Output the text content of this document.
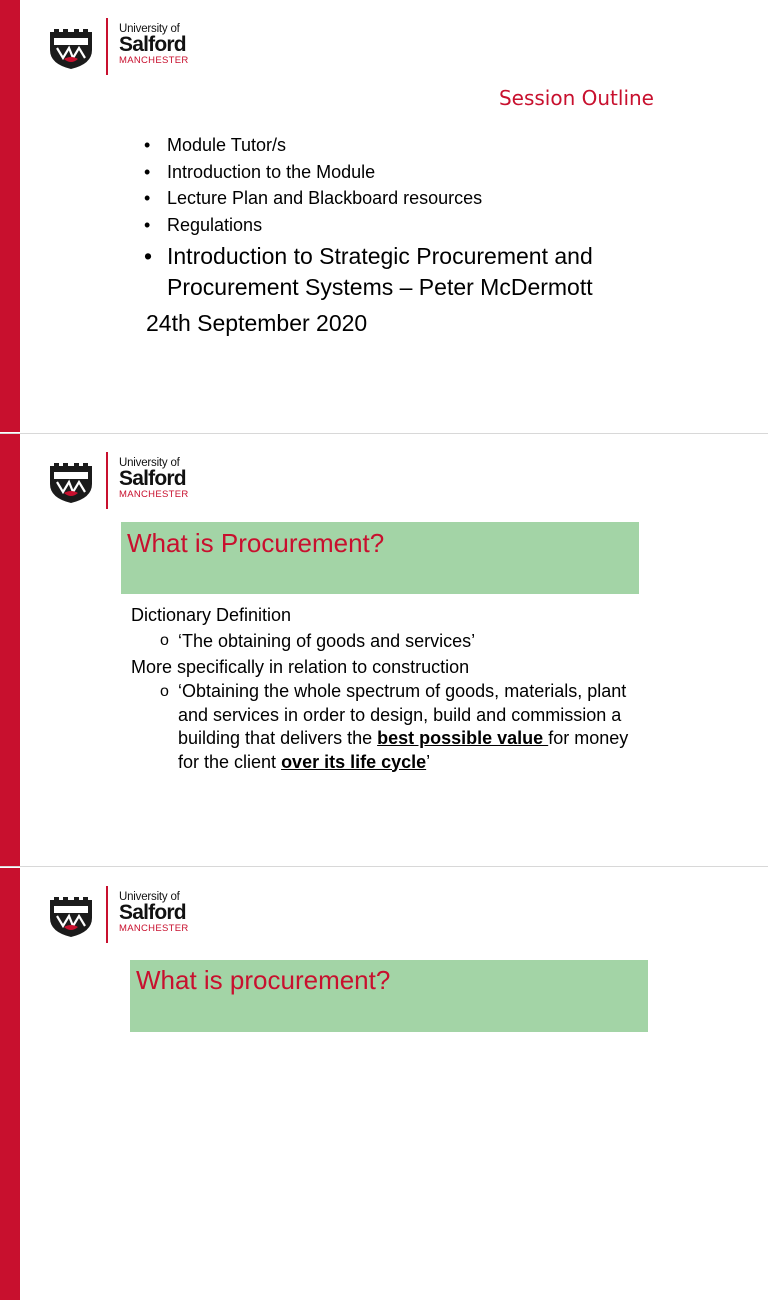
University of
Salford
MANCHESTER
Session Outline
• Module Tutor/s
• Introduction to the Module
• Lecture Plan and Blackboard resources
• Regulations
• Introduction to Strategic Procurement and Procurement Systems – Peter McDermott
24th September 2020
University of
Salford
MANCHESTER
What is Procurement?
Dictionary Definition
o ‘The obtaining of goods and services’
More specifically in relation to construction
o ‘Obtaining the whole spectrum of goods, materials, plant and services in order to design, build and commission a building that delivers the best possible value for money for the client over its life cycle’
University of
Salford
MANCHESTER
What is procurement?
